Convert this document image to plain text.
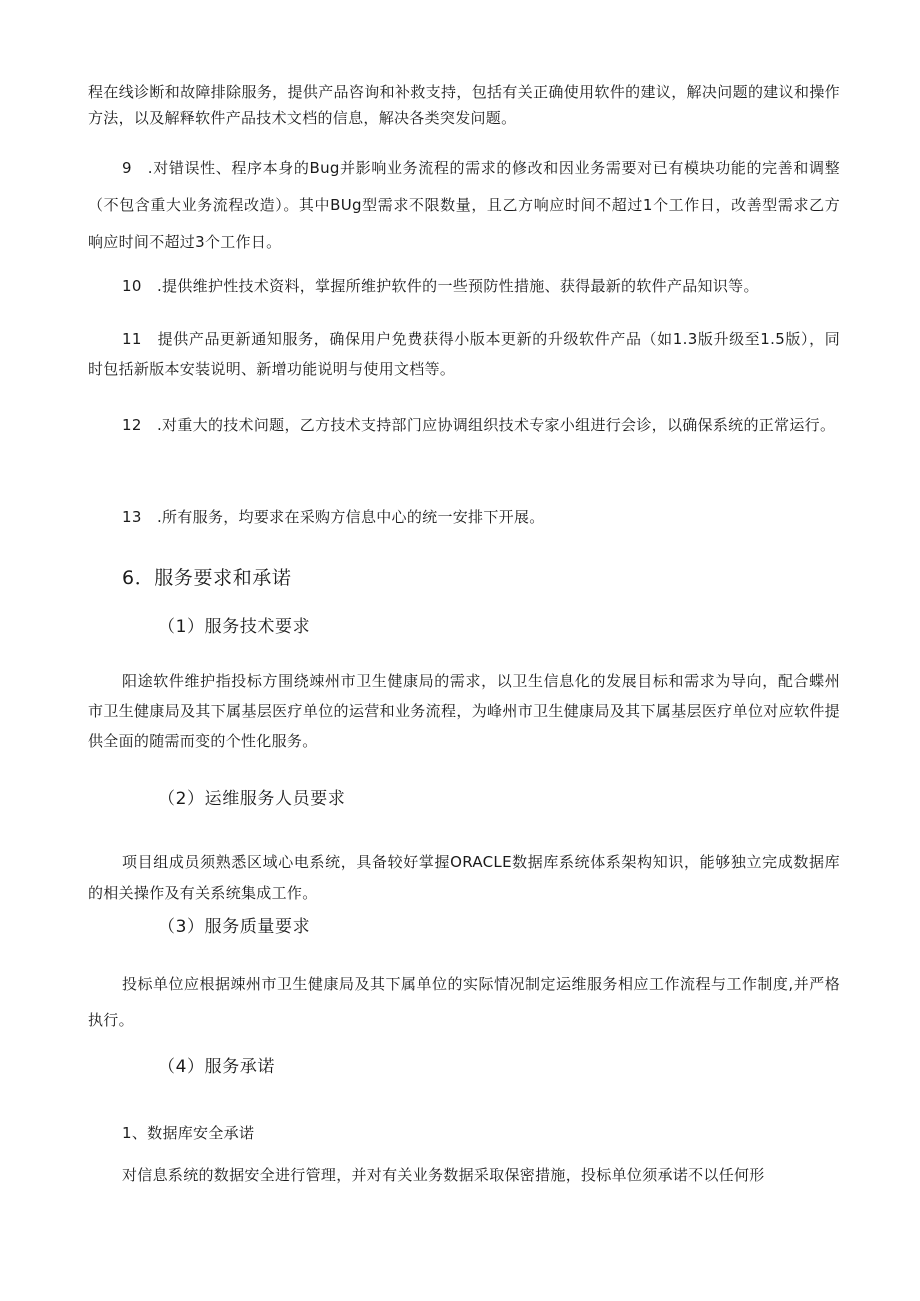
程在线诊断和故障排除服务，提供产品咨询和补救支持，包括有关正确使用软件的建议，解决问题的建议和操作方法，以及解释软件产品技术文档的信息，解决各类突发问题。

9　.对错误性、程序本身的Bug并影响业务流程的需求的修改和因业务需要对已有模块功能的完善和调整（不包含重大业务流程改造）。其中BUg型需求不限数量，且乙方响应时间不超过1个工作日，改善型需求乙方响应时间不超过3个工作日。

10　.提供维护性技术资料，掌握所维护软件的一些预防性措施、获得最新的软件产品知识等。

11　提供产品更新通知服务，确保用户免费获得小版本更新的升级软件产品（如1.3版升级至1.5版），同时包括新版本安装说明、新增功能说明与使用文档等。

12　.对重大的技术问题，乙方技术支持部门应协调组织技术专家小组进行会诊，以确保系统的正常运行。

13　.所有服务，均要求在采购方信息中心的统一安排下开展。

6．服务要求和承诺
（1）服务技术要求

阳途软件维护指投标方围绕竦州市卫生健康局的需求，以卫生信息化的发展目标和需求为导向，配合蝶州市卫生健康局及其下属基层医疗单位的运营和业务流程，为峰州市卫生健康局及其下属基层医疗单位对应软件提供全面的随需而变的个性化服务。

（2）运维服务人员要求

项目组成员须熟悉区域心电系统，具备较好掌握ORACLE数据库系统体系架构知识，能够独立完成数据库的相关操作及有关系统集成工作。

（3）服务质量要求

投标单位应根据竦州市卫生健康局及其下属单位的实际情况制定运维服务相应工作流程与工作制度,并严格执行。

（4）服务承诺

1、数据库安全承诺

对信息系统的数据安全进行管理，并对有关业务数据采取保密措施，投标单位须承诺不以任何形
